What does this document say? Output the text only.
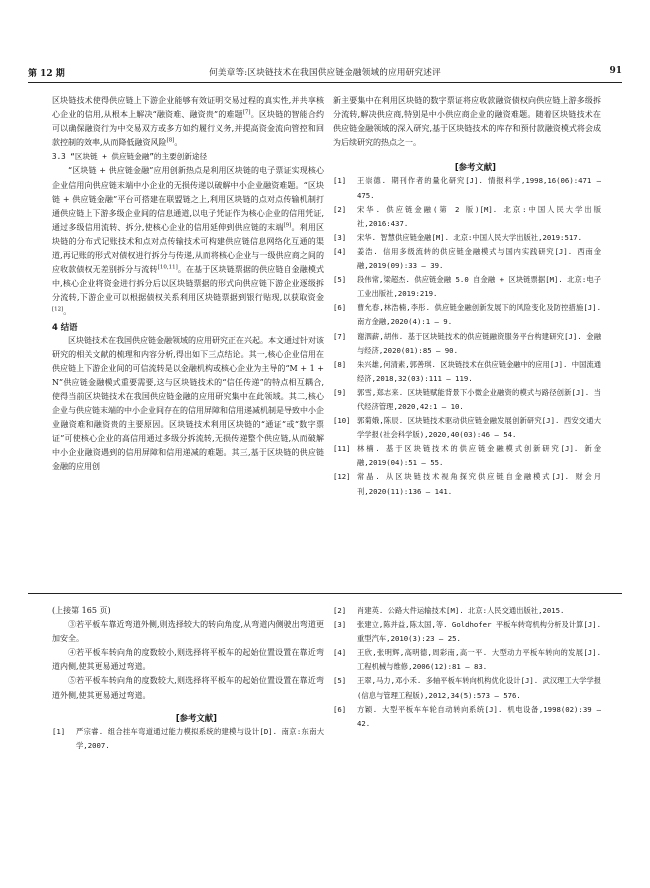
第 12 期	何美章等:区块链技术在我国供应链金融领域的应用研究述评	91

区块链技术使得供应链上下游企业能够有效证明交易过程的真实性,并共享核心企业的信用,从根本上解决“融资难、融资贵”的难题[7]。区块链的智能合约可以确保融资行为中交易双方或多方如约履行义务,并提高资金流向管控和回款控制的效率,从而降低融资风险[8]。

3.3 “区块链 + 供应链金融”的主要创新途径

“区块链 + 供应链金融”应用创新热点是利用区块链的电子票证实现核心企业信用向供应链末端中小企业的无损传递以破解中小企业融资难题。“区块链 + 供应链金融”平台可搭建在联盟链之上,利用区块链的点对点传输机制打通供应链上下游多级企业间的信息通道,以电子凭证作为核心企业的信用凭证,通过多级信用流转、拆分,使核心企业的信用延伸到供应链的末端[9]。利用区块链的分布式记账技术和点对点传输技术可构建供应链信息网络化互通的渠道,再记账的形式对债权进行拆分与传递,从而将核心企业与一级供应商之间的应收款债权无差别拆分与流转[10,11]。在基于区块链票据的供应链自金融模式中,核心企业将资金进行拆分后以区块链票据的形式向供应链下游企业逐级拆分流转,下游企业可以根据债权关系利用区块链票据到银行贴现,以获取资金[12]。

4 结语

区块链技术在我国供应链金融领域的应用研究正在兴起。本文通过针对该研究的相关文献的梳理和内容分析,得出如下三点结论。其一,核心企业信用在供应链上下游企业间的可信流转是以金融机构或核心企业为主导的“M + 1 + N”供应链金融模式重要需要,这与区块链技术的“信任传递”的特点相互耦合,使得当前区块链技术在我国供应链金融的应用研究集中在此领域。其二,核心企业与供应链末端的中小企业间存在的信用屏障和信用递减机制是导致中小企业融资难和融资贵的主要原因。区块链技术利用区块链的“通证”或“数字票证”可使核心企业的高信用通过多级分拆流转,无损传递整个供应链,从而破解中小企业融资遇到的信用屏障和信用递减的难题。其三,基于区块链的供应链金融的应用创

新主要集中在利用区块链的数字票证将应收款融资债权向供应链上游多级拆分流转,解决供应商,特别是中小供应商企业的融资难题。随着区块链技术在供应链金融领域的深入研究,基于区块链技术的库存和预付款融资模式将会成为后续研究的热点之一。

[参考文献]

[1] 王崇德. 期刊作者的量化研究[J]. 情报科学,1998,16(06):471 – 475.
[2] 宋华. 供应链金融(第 2 版)[M]. 北京:中国人民大学出版社,2016:437.
[3] 宋华. 智慧供应链金融[M]. 北京:中国人民大学出版社,2019:517.
[4] 姜浩. 信用多级流转的供应链金融模式与国内实践研究[J]. 西南金融,2019(09):33 – 39.
[5] 段伟常,梁超杰. 供应链金融 5.0 自金融 + 区块链票据[M]. 北京:电子工业出版社,2019:219.
[6] 曹允春,林浩楠,李彤. 供应链金融创新发展下的风险变化及防控措施[J]. 南方金融,2020(4):1 – 9.
[7] 谢泗薪,胡伟. 基于区块链技术的供应链融资服务平台构建研究[J]. 金融与经济,2020(01):85 – 90.
[8] 朱兴雄,何清素,郭善琪. 区块链技术在供应链金融中的应用[J]. 中国流通经济,2018,32(03):111 – 119.
[9] 郭雪,郑志来. 区块链赋能背景下小微企业融资的模式与路径创新[J]. 当代经济管理,2020,42:1 – 10.
[10] 郭菊娥,陈辰. 区块链技术驱动供应链金融发展创新研究[J]. 西安交通大学学报(社会科学版),2020,40(03):46 – 54.
[11] 林楠. 基于区块链技术的供应链金融模式创新研究[J]. 新金融,2019(04):51 – 55.
[12] 常晶. 从区块链技术视角探究供应链自金融模式[J]. 财会月刊,2020(11):136 – 141.

(上接第 165 页)

③若平板车靠近弯道外侧,则选择较大的转向角度,从弯道内侧驶出弯道更加安全。

④若平板车转向角的度数较小,则选择将平板车的起始位置设置在靠近弯道内侧,使其更易通过弯道。

⑤若平板车转向角的度数较大,则选择将平板车的起始位置设置在靠近弯道外侧,使其更易通过弯道。

[参考文献]

[1] 严宗睿. 组合挂车弯道通过能力模拟系统的建模与设计[D]. 南京:东南大学,2007.
[2] 肖建英. 公路大件运输技术[M]. 北京:人民交通出版社,2015.
[3] 张建立,陈并益,陈太国,等. Goldhofer 平板车转弯机构分析及计算[J]. 重型汽车,2010(3):23 – 25.
[4] 王欣,张明辉,高明德,周彩南,高一平. 大型动力平板车转向的发展[J]. 工程机械与维修,2006(12):81 – 83.
[5] 王翠,马力,邓小禾. 多轴平板车转向机构优化设计[J]. 武汉理工大学学报(信息与管理工程版),2012,34(5):573 – 576.
[6] 方颖. 大型平板车车轮自动转向系统[J]. 机电设备,1998(02):39 – 42.
